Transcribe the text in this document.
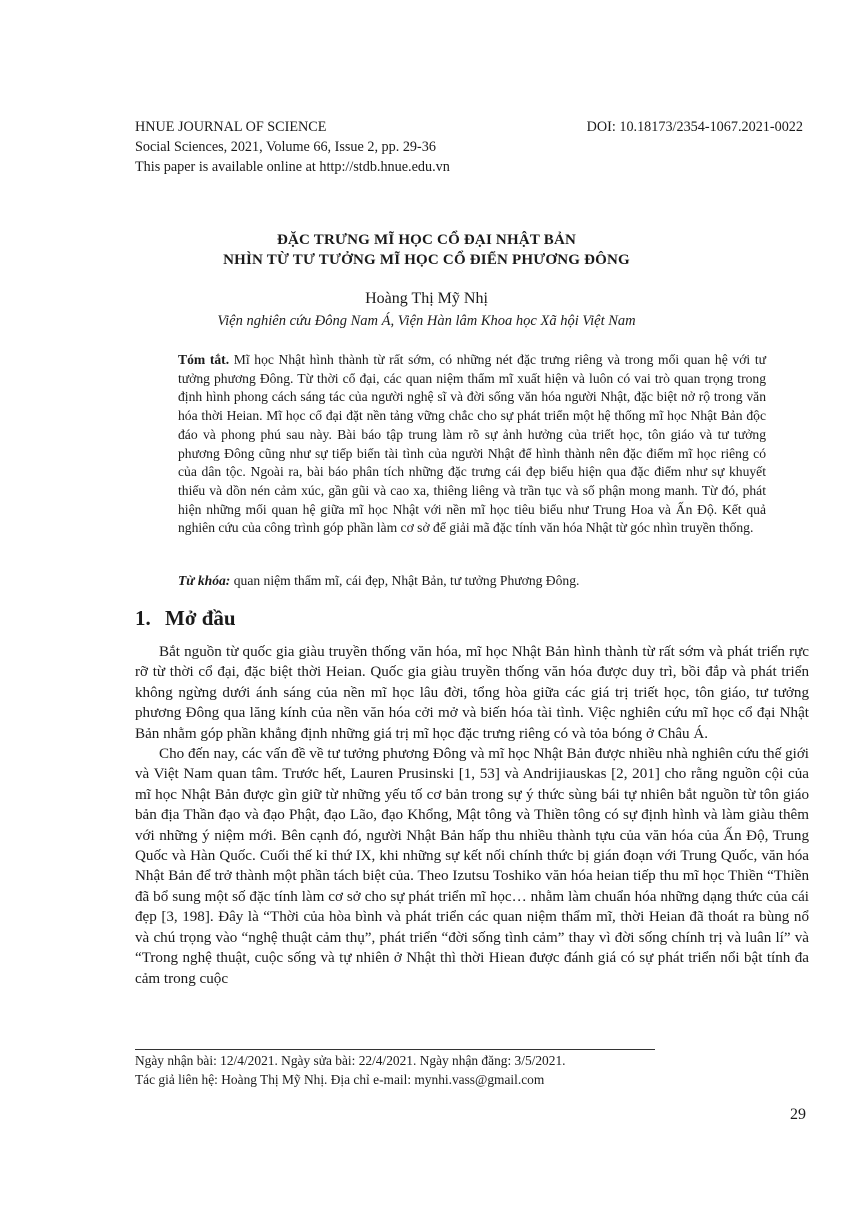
HNUE JOURNAL OF SCIENCE	DOI: 10.18173/2354-1067.2021-0022
Social Sciences, 2021, Volume 66, Issue 2, pp. 29-36
This paper is available online at http://stdb.hnue.edu.vn
ĐẶC TRƯNG MĨ HỌC CỔ ĐẠI NHẬT BẢN
NHÌN TỪ TƯ TƯỞNG MĨ HỌC CỔ ĐIỂN PHƯƠNG ĐÔNG
Hoàng Thị Mỹ Nhị
Viện nghiên cứu Đông Nam Á, Viện Hàn lâm Khoa học Xã hội Việt Nam

Tóm tắt. Mĩ học Nhật hình thành từ rất sớm, có những nét đặc trưng riêng và trong mối quan hệ với tư tưởng phương Đông. Từ thời cổ đại, các quan niệm thẩm mĩ xuất hiện và luôn có vai trò quan trọng trong định hình phong cách sáng tác của người nghệ sĩ và đời sống văn hóa người Nhật, đặc biệt nở rộ trong văn hóa thời Heian. Mĩ học cổ đại đặt nền tảng vững chắc cho sự phát triển một hệ thống mĩ học Nhật Bản độc đáo và phong phú sau này. Bài báo tập trung làm rõ sự ảnh hưởng của triết học, tôn giáo và tư tưởng phương Đông cũng như sự tiếp biến tài tình của người Nhật để hình thành nên đặc điểm mĩ học riêng có của dân tộc. Ngoài ra, bài báo phân tích những đặc trưng cái đẹp biểu hiện qua đặc điểm như sự khuyết thiếu và dồn nén cảm xúc, gần gũi và cao xa, thiêng liêng và trần tục và số phận mong manh. Từ đó, phát hiện những mối quan hệ giữa mĩ học Nhật với nền mĩ học tiêu biểu như Trung Hoa và Ấn Độ. Kết quả nghiên cứu của công trình góp phần làm cơ sở để giải mã đặc tính văn hóa Nhật từ góc nhìn truyền thống.

Từ khóa: quan niệm thẩm mĩ, cái đẹp, Nhật Bản, tư tưởng Phương Đông.
1. Mở đầu

Bắt nguồn từ quốc gia giàu truyền thống văn hóa, mĩ học Nhật Bản hình thành từ rất sớm và phát triển rực rỡ từ thời cổ đại, đặc biệt thời Heian. Quốc gia giàu truyền thống văn hóa được duy trì, bồi đắp và phát triển không ngừng dưới ánh sáng của nền mĩ học lâu đời, tổng hòa giữa các giá trị triết học, tôn giáo, tư tưởng phương Đông qua lăng kính của nền văn hóa cởi mở và biến hóa tài tình. Việc nghiên cứu mĩ học cổ đại Nhật Bản nhằm góp phần khẳng định những giá trị mĩ học đặc trưng riêng có và tỏa bóng ở Châu Á.

Cho đến nay, các vấn đề về tư tưởng phương Đông và mĩ học Nhật Bản được nhiều nhà nghiên cứu thế giới và Việt Nam quan tâm. Trước hết, Lauren Prusinski [1, 53] và Andrijiauskas [2, 201] cho rằng nguồn cội của mĩ học Nhật Bản được gìn giữ từ những yếu tố cơ bản trong sự ý thức sùng bái tự nhiên bắt nguồn từ tôn giáo bản địa Thần đạo và đạo Phật, đạo Lão, đạo Khổng, Mật tông và Thiền tông có sự định hình và làm giàu thêm với những ý niệm mới. Bên cạnh đó, người Nhật Bản hấp thu nhiều thành tựu của văn hóa của Ấn Độ, Trung Quốc và Hàn Quốc. Cuối thế kỉ thứ IX, khi những sự kết nối chính thức bị gián đoạn với Trung Quốc, văn hóa Nhật Bản để trở thành một phần tách biệt của. Theo Izutsu Toshiko văn hóa heian tiếp thu mĩ học Thiền “Thiền đã bổ sung một số đặc tính làm cơ sở cho sự phát triển mĩ học… nhằm làm chuẩn hóa những dạng thức của cái đẹp [3, 198]. Đây là “Thời của hòa bình và phát triển các quan niệm thẩm mĩ, thời Heian đã thoát ra bùng nổ và chú trọng vào “nghệ thuật cảm thụ”, phát triển “đời sống tình cảm” thay vì đời sống chính trị và luân lí” và “Trong nghệ thuật, cuộc sống và tự nhiên ở Nhật thì thời Hiean được đánh giá có sự phát triển nổi bật tính đa cảm trong cuộc

Ngày nhận bài: 12/4/2021. Ngày sửa bài: 22/4/2021. Ngày nhận đăng: 3/5/2021.
Tác giả liên hệ: Hoàng Thị Mỹ Nhị. Địa chỉ e-mail: mynhi.vass@gmail.com
29
